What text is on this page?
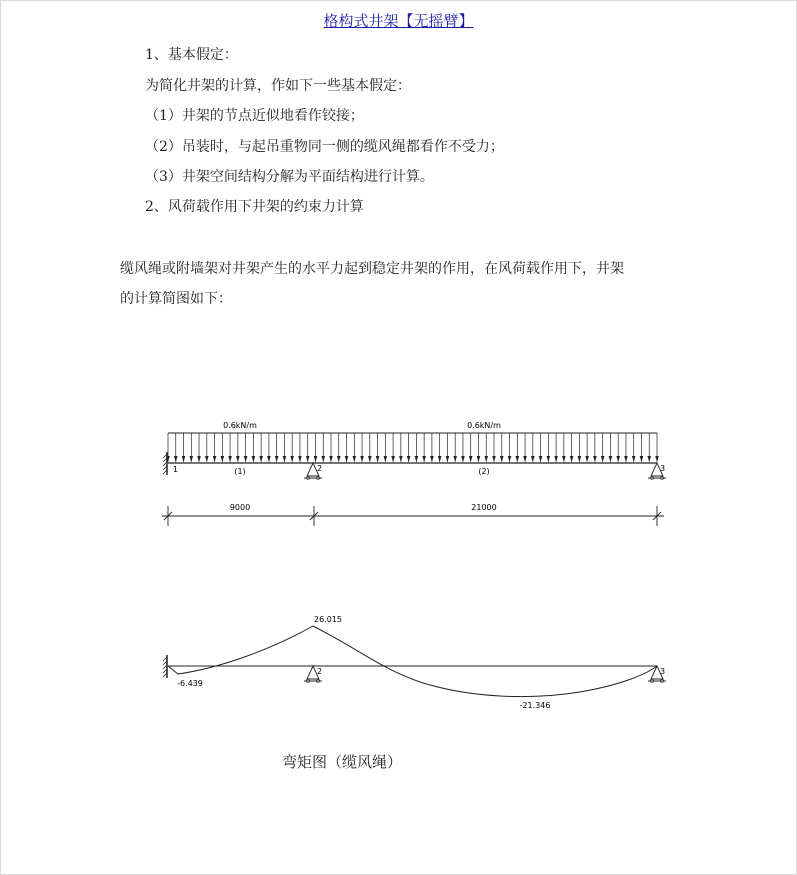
格构式井架【无摇臂】
1、基本假定：
为简化井架的计算，作如下一些基本假定：
（1）井架的节点近似地看作铰接；
（2）吊装时，与起吊重物同一侧的缆风绳都看作不受力；
（3）井架空间结构分解为平面结构进行计算。
2、风荷载作用下井架的约束力计算
缆风绳或附墙架对井架产生的水平力起到稳定井架的作用，在风荷载作用下，井架
的计算简图如下：
0.6kN/m	0.6kN/m
1	(1)	(2)
2	3
9000	21000
26.015
-6.439
-21.346
2	3
弯矩图（缆风绳）
